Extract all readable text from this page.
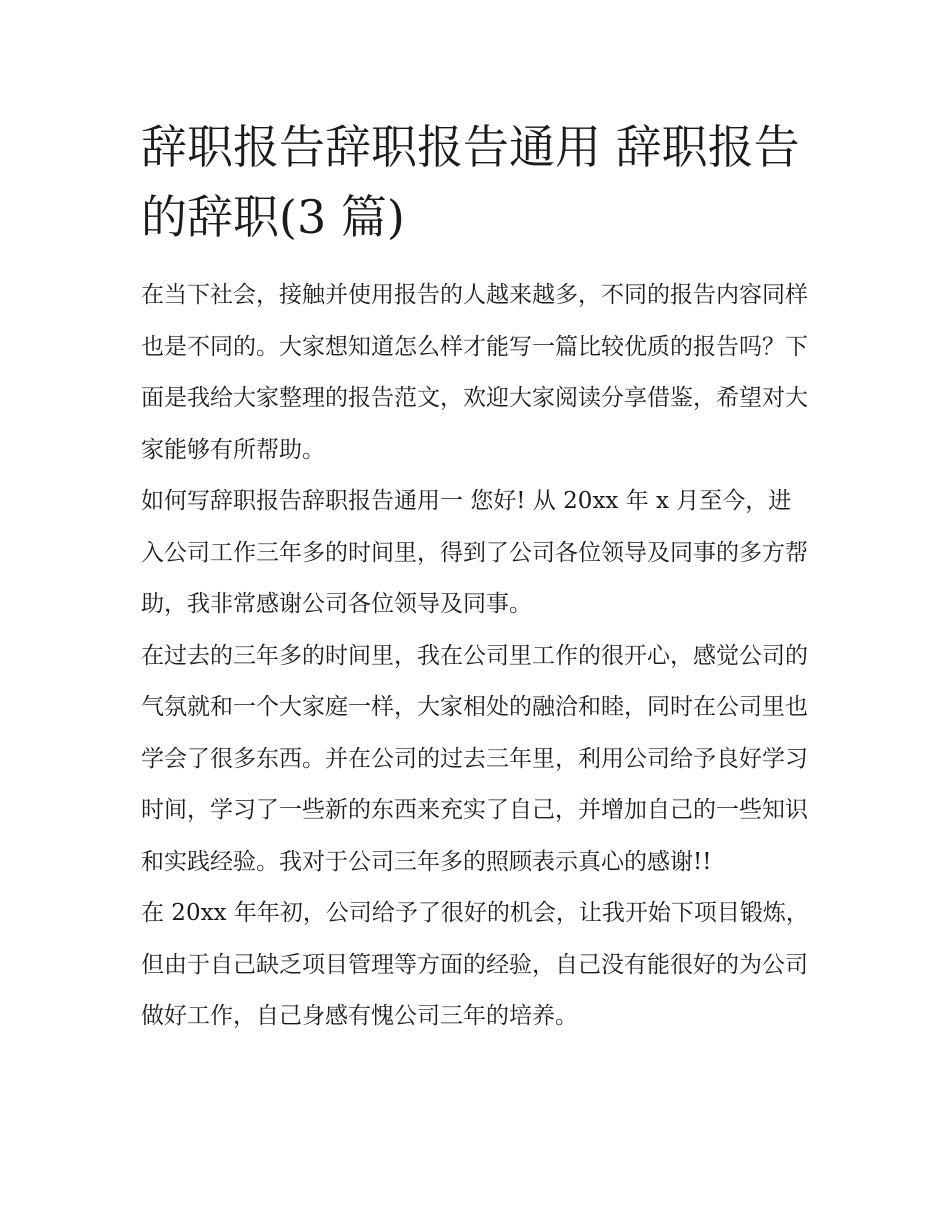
辞职报告辞职报告通用 辞职报告的辞职(3 篇)

在当下社会，接触并使用报告的人越来越多，不同的报告内容同样也是不同的。大家想知道怎么样才能写一篇比较优质的报告吗？下面是我给大家整理的报告范文，欢迎大家阅读分享借鉴，希望对大家能够有所帮助。

如何写辞职报告辞职报告通用一 您好! 从 20xx 年 x 月至今，进入公司工作三年多的时间里，得到了公司各位领导及同事的多方帮助，我非常感谢公司各位领导及同事。

在过去的三年多的时间里，我在公司里工作的很开心，感觉公司的气氛就和一个大家庭一样，大家相处的融洽和睦，同时在公司里也学会了很多东西。并在公司的过去三年里，利用公司给予良好学习时间，学习了一些新的东西来充实了自己，并增加自己的一些知识和实践经验。我对于公司三年多的照顾表示真心的感谢!!

在 20xx 年年初，公司给予了很好的机会，让我开始下项目锻炼，但由于自己缺乏项目管理等方面的经验，自己没有能很好的为公司做好工作，自己身感有愧公司三年的培养。
